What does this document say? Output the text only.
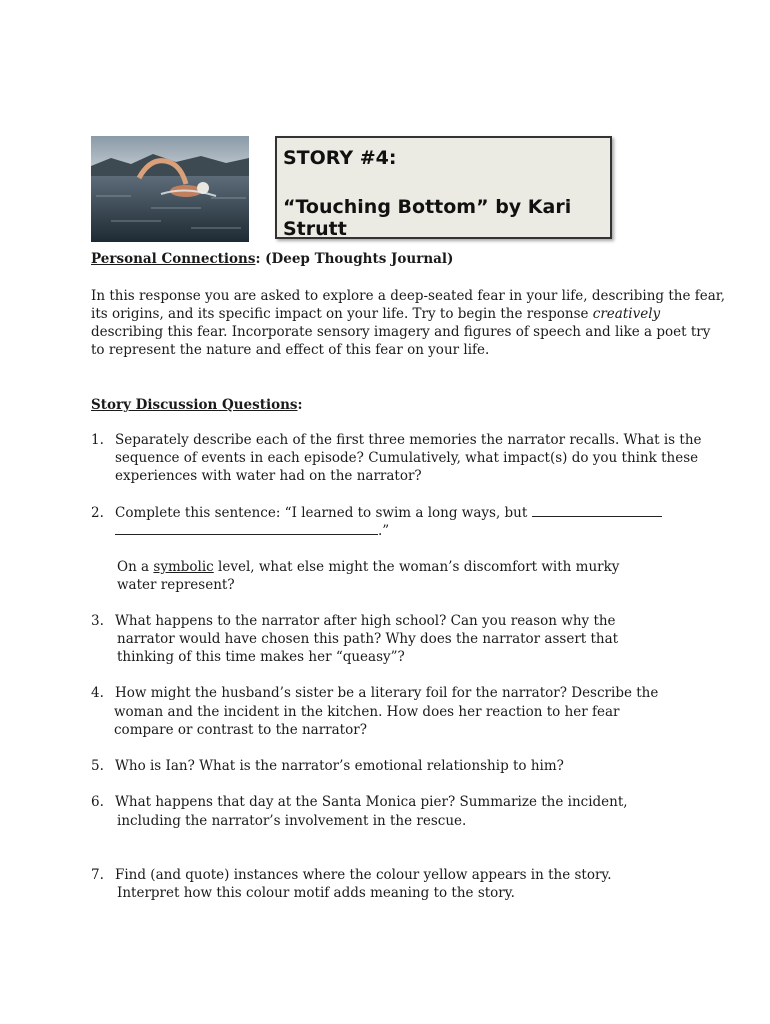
STORY #4:
“Touching Bottom” by Kari Strutt
Personal Connections: (Deep Thoughts Journal)
In this response you are asked to explore a deep-seated fear in your life, describing the fear,
its origins, and its specific impact on your life. Try to begin the response creatively
describing this fear. Incorporate sensory imagery and figures of speech and like a poet try
to represent the nature and effect of this fear on your life.
Story Discussion Questions:
1. Separately describe each of the first three memories the narrator recalls. What is the
sequence of events in each episode? Cumulatively, what impact(s) do you think these
experiences with water had on the narrator?
2. Complete this sentence: “I learned to swim a long ways, but
.”
On a symbolic level, what else might the woman’s discomfort with murky
water represent?
3. What happens to the narrator after high school? Can you reason why the
narrator would have chosen this path? Why does the narrator assert that
thinking of this time makes her “queasy”?
4. How might the husband’s sister be a literary foil for the narrator? Describe the
woman and the incident in the kitchen. How does her reaction to her fear
compare or contrast to the narrator?
5. Who is Ian? What is the narrator’s emotional relationship to him?
6. What happens that day at the Santa Monica pier? Summarize the incident,
including the narrator’s involvement in the rescue.
7. Find (and quote) instances where the colour yellow appears in the story.
Interpret how this colour motif adds meaning to the story.
